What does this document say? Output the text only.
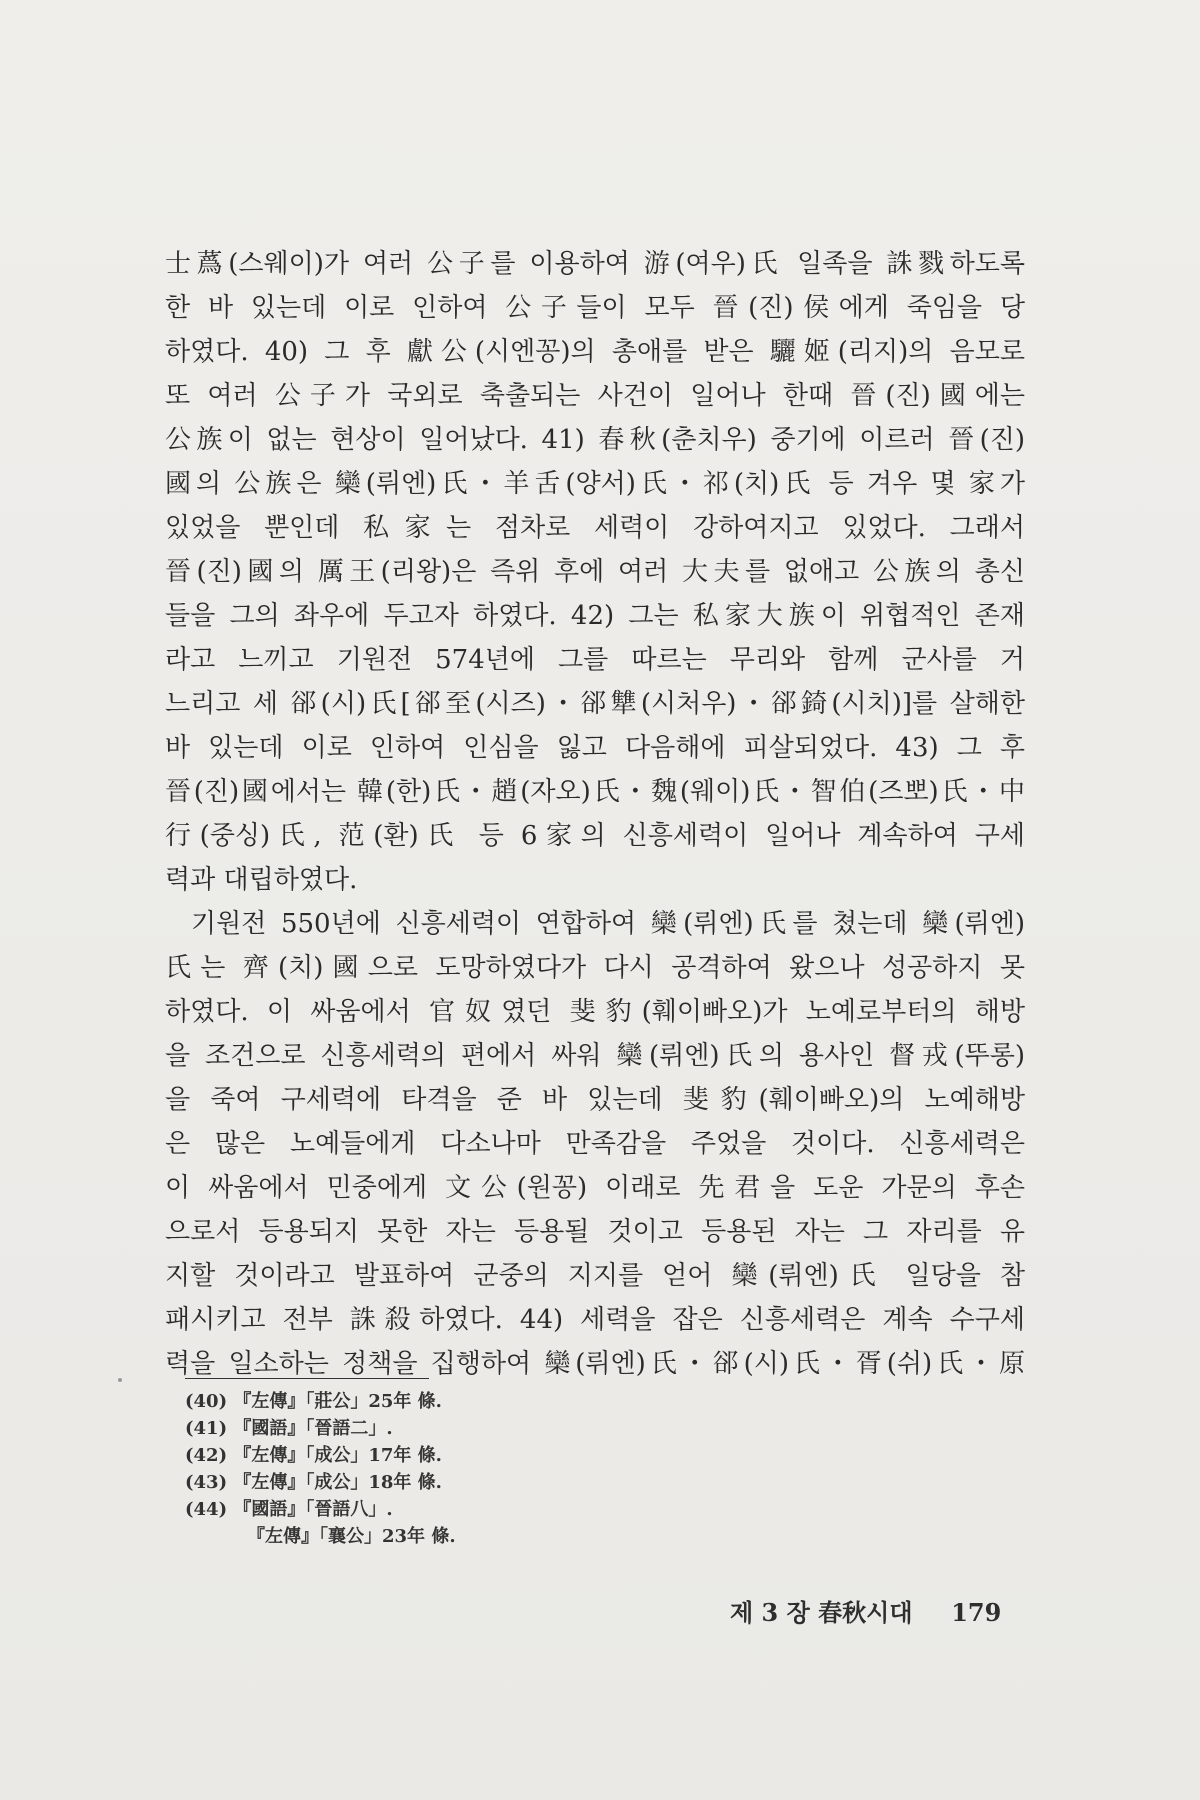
士蔿(스웨이)가 여러 公子를 이용하여 游(여우)氏 일족을 誅戮하도록
한 바 있는데 이로 인하여 公子들이 모두 晉(진)侯에게 죽임을 당
하였다. 40) 그 후 獻公(시엔꽁)의 총애를 받은 驪姬(리지)의 음모로
또 여러 公子가 국외로 축출되는 사건이 일어나 한때 晉(진)國에는
公族이 없는 현상이 일어났다. 41) 春秋(춘치우) 중기에 이르러 晉(진)
國의 公族은 欒(뤼엔)氏・羊舌(양서)氏・祁(치)氏 등 겨우 몇 家가
있었을 뿐인데 私家는 점차로 세력이 강하여지고 있었다. 그래서
晉(진)國의 厲王(리왕)은 즉위 후에 여러 大夫를 없애고 公族의 총신
들을 그의 좌우에 두고자 하였다. 42) 그는 私家大族이 위협적인 존재
라고 느끼고 기원전 574년에 그를 따르는 무리와 함께 군사를 거
느리고 세 郤(시)氏[郤至(시즈)・郤犨(시처우)・郤錡(시치)]를 살해한
바 있는데 이로 인하여 인심을 잃고 다음해에 피살되었다. 43) 그 후
晉(진)國에서는 韓(한)氏・趙(자오)氏・魏(웨이)氏・智伯(즈뽀)氏・中
行(중싱)氏, 范(환)氏 등 6家의 신흥세력이 일어나 계속하여 구세
력과 대립하였다.
기원전 550년에 신흥세력이 연합하여 欒(뤼엔)氏를 쳤는데 欒(뤼엔)
氏는 齊(치)國으로 도망하였다가 다시 공격하여 왔으나 성공하지 못
하였다. 이 싸움에서 官奴였던 斐豹(훼이빠오)가 노예로부터의 해방
을 조건으로 신흥세력의 편에서 싸워 欒(뤼엔)氏의 용사인 督戎(뚜롱)
을 죽여 구세력에 타격을 준 바 있는데 斐豹(훼이빠오)의 노예해방
은 많은 노예들에게 다소나마 만족감을 주었을 것이다. 신흥세력은
이 싸움에서 민중에게 文公(원꽁) 이래로 先君을 도운 가문의 후손
으로서 등용되지 못한 자는 등용될 것이고 등용된 자는 그 자리를 유
지할 것이라고 발표하여 군중의 지지를 얻어 欒(뤼엔)氏 일당을 참
패시키고 전부 誅殺하였다. 44) 세력을 잡은 신흥세력은 계속 수구세
력을 일소하는 정책을 집행하여 欒(뤼엔)氏・郤(시)氏・胥(쉬)氏・原
(40) 『左傳』「莊公」25年 條.
(41) 『國語』「晉語二」.
(42) 『左傳』「成公」17年 條.
(43) 『左傳』「成公」18年 條.
(44) 『國語』「晉語八」.
『左傳』「襄公」23年 條.
제 3 장 春秋시대 179
